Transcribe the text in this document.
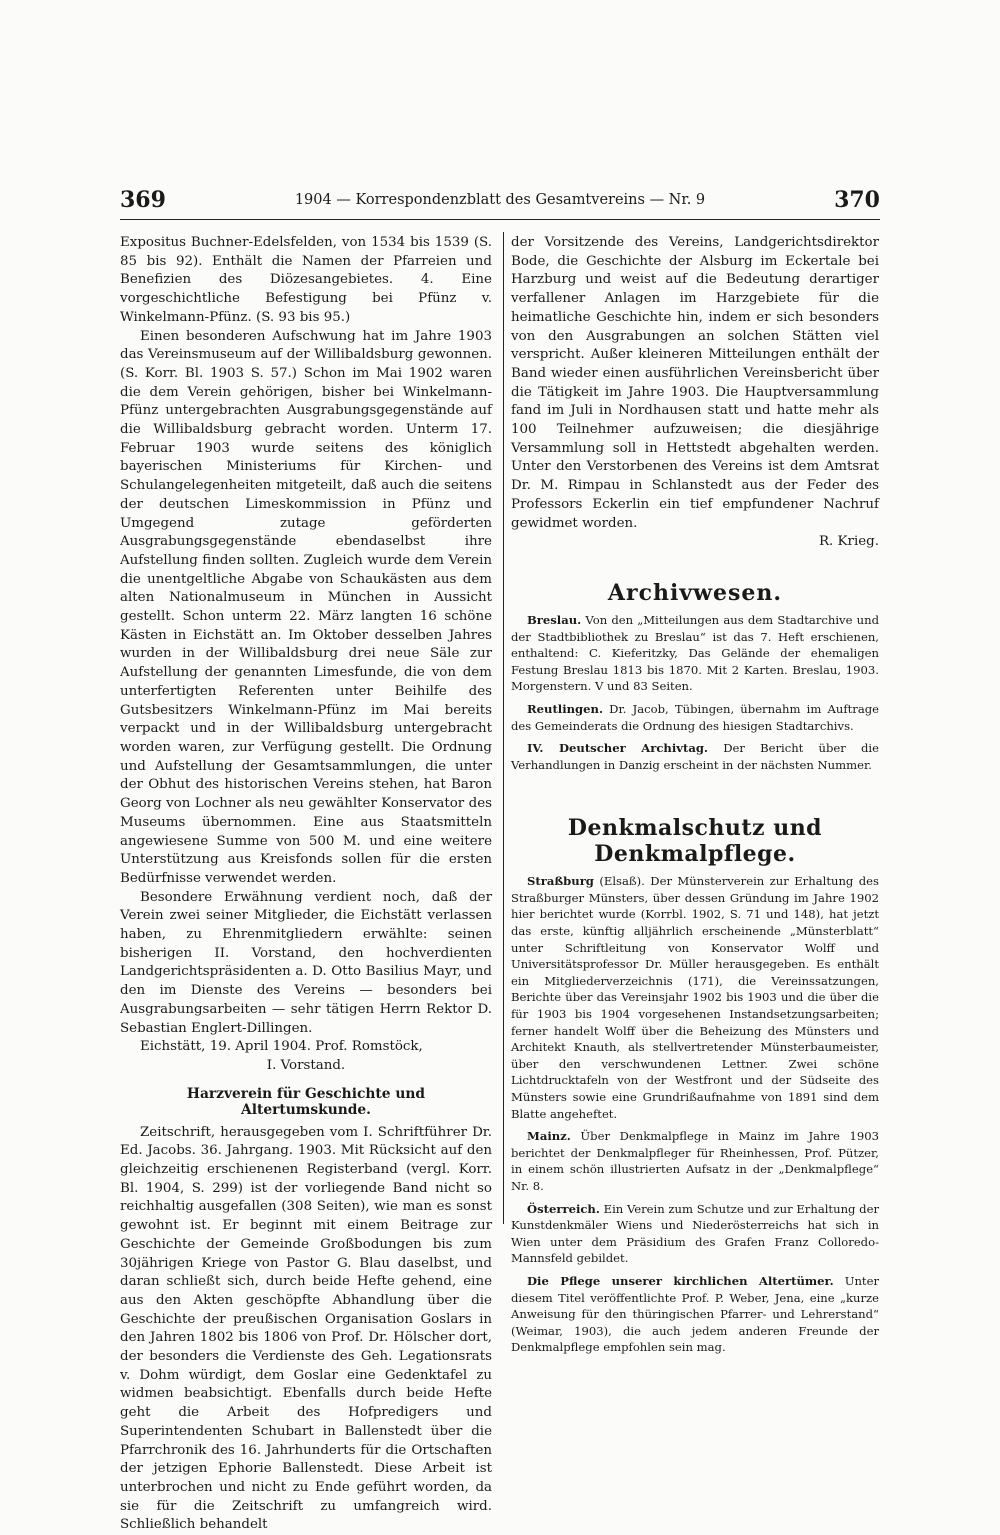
369	1904 — Korrespondenzblatt des Gesamtvereins — Nr. 9	370

Expositus Buchner-Edelsfelden, von 1534 bis 1539 (S. 85 bis 92). Enthält die Namen der Pfarreien und Benefizien des Diözesangebietes. 4. Eine vorgeschichtliche Befestigung bei Pfünz v. Winkelmann-Pfünz. (S. 93 bis 95.)

Einen besonderen Aufschwung hat im Jahre 1903 das Vereinsmuseum auf der Willibaldsburg gewonnen. (S. Korr. Bl. 1903 S. 57.) Schon im Mai 1902 waren die dem Verein gehörigen, bisher bei Winkelmann-Pfünz untergebrachten Ausgrabungsgegenstände auf die Willibaldsburg gebracht worden. Unterm 17. Februar 1903 wurde seitens des königlich bayerischen Ministeriums für Kirchen- und Schulangelegenheiten mitgeteilt, daß auch die seitens der deutschen Limeskommission in Pfünz und Umgegend zutage geförderten Ausgrabungsgegenstände ebendaselbst ihre Aufstellung finden sollten. Zugleich wurde dem Verein die unentgeltliche Abgabe von Schaukästen aus dem alten Nationalmuseum in München in Aussicht gestellt. Schon unterm 22. März langten 16 schöne Kästen in Eichstätt an. Im Oktober desselben Jahres wurden in der Willibaldsburg drei neue Säle zur Aufstellung der genannten Limesfunde, die von dem unterfertigten Referenten unter Beihilfe des Gutsbesitzers Winkelmann-Pfünz im Mai bereits verpackt und in der Willibaldsburg untergebracht worden waren, zur Verfügung gestellt. Die Ordnung und Aufstellung der Gesamtsammlungen, die unter der Obhut des historischen Vereins stehen, hat Baron Georg von Lochner als neu gewählter Konservator des Museums übernommen. Eine aus Staatsmitteln angewiesene Summe von 500 M. und eine weitere Unterstützung aus Kreisfonds sollen für die ersten Bedürfnisse verwendet werden.

Besondere Erwähnung verdient noch, daß der Verein zwei seiner Mitglieder, die Eichstätt verlassen haben, zu Ehrenmitgliedern erwählte: seinen bisherigen II. Vorstand, den hochverdienten Landgerichtspräsidenten a. D. Otto Basilius Mayr, und den im Dienste des Vereins — besonders bei Ausgrabungsarbeiten — sehr tätigen Herrn Rektor D. Sebastian Englert-Dillingen.

Eichstätt, 19. April 1904. Prof. Romstöck,

I. Vorstand.

Harzverein für Geschichte und Altertumskunde.

Zeitschrift, herausgegeben vom I. Schriftführer Dr. Ed. Jacobs. 36. Jahrgang. 1903. Mit Rücksicht auf den gleichzeitig erschienenen Registerband (vergl. Korr. Bl. 1904, S. 299) ist der vorliegende Band nicht so reichhaltig ausgefallen (308 Seiten), wie man es sonst gewohnt ist. Er beginnt mit einem Beitrage zur Geschichte der Gemeinde Großbodungen bis zum 30jährigen Kriege von Pastor G. Blau daselbst, und daran schließt sich, durch beide Hefte gehend, eine aus den Akten geschöpfte Abhandlung über die Geschichte der preußischen Organisation Goslars in den Jahren 1802 bis 1806 von Prof. Dr. Hölscher dort, der besonders die Verdienste des Geh. Legationsrats v. Dohm würdigt, dem Goslar eine Gedenktafel zu widmen beabsichtigt. Ebenfalls durch beide Hefte geht die Arbeit des Hofpredigers und Superintendenten Schubart in Ballenstedt über die Pfarrchronik des 16. Jahrhunderts für die Ortschaften der jetzigen Ephorie Ballenstedt. Diese Arbeit ist unterbrochen und nicht zu Ende geführt worden, da sie für die Zeitschrift zu umfangreich wird. Schließlich behandelt

der Vorsitzende des Vereins, Landgerichtsdirektor Bode, die Geschichte der Alsburg im Eckertale bei Harzburg und weist auf die Bedeutung derartiger verfallener Anlagen im Harzgebiete für die heimatliche Geschichte hin, indem er sich besonders von den Ausgrabungen an solchen Stätten viel verspricht. Außer kleineren Mitteilungen enthält der Band wieder einen ausführlichen Vereinsbericht über die Tätigkeit im Jahre 1903. Die Hauptversammlung fand im Juli in Nordhausen statt und hatte mehr als 100 Teilnehmer aufzuweisen; die diesjährige Versammlung soll in Hettstedt abgehalten werden. Unter den Verstorbenen des Vereins ist dem Amtsrat Dr. M. Rimpau in Schlanstedt aus der Feder des Professors Eckerlin ein tief empfundener Nachruf gewidmet worden.

R. Krieg.

Archivwesen.

Breslau. Von den „Mitteilungen aus dem Stadtarchive und der Stadtbibliothek zu Breslau“ ist das 7. Heft erschienen, enthaltend: C. Kieferitzky, Das Gelände der ehemaligen Festung Breslau 1813 bis 1870. Mit 2 Karten. Breslau, 1903. Morgenstern. V und 83 Seiten.

Reutlingen. Dr. Jacob, Tübingen, übernahm im Auftrage des Gemeinderats die Ordnung des hiesigen Stadtarchivs.

IV. Deutscher Archivtag. Der Bericht über die Verhandlungen in Danzig erscheint in der nächsten Nummer.

Denkmalschutz und Denkmalpflege.

Straßburg (Elsaß). Der Münsterverein zur Erhaltung des Straßburger Münsters, über dessen Gründung im Jahre 1902 hier berichtet wurde (Korrbl. 1902, S. 71 und 148), hat jetzt das erste, künftig alljährlich erscheinende „Münsterblatt“ unter Schriftleitung von Konservator Wolff und Universitätsprofessor Dr. Müller herausgegeben. Es enthält ein Mitgliederverzeichnis (171), die Vereinssatzungen, Berichte über das Vereinsjahr 1902 bis 1903 und die über die für 1903 bis 1904 vorgesehenen Instandsetzungsarbeiten; ferner handelt Wolff über die Beheizung des Münsters und Architekt Knauth, als stellvertretender Münsterbaumeister, über den verschwundenen Lettner. Zwei schöne Lichtdrucktafeln von der Westfront und der Südseite des Münsters sowie eine Grundrißaufnahme von 1891 sind dem Blatte angeheftet.

Mainz. Über Denkmalpflege in Mainz im Jahre 1903 berichtet der Denkmalpfleger für Rheinhessen, Prof. Pützer, in einem schön illustrierten Aufsatz in der „Denkmalpflege“ Nr. 8.

Österreich. Ein Verein zum Schutze und zur Erhaltung der Kunstdenkmäler Wiens und Niederösterreichs hat sich in Wien unter dem Präsidium des Grafen Franz Colloredo-Mannsfeld gebildet.

Die Pflege unserer kirchlichen Altertümer. Unter diesem Titel veröffentlichte Prof. P. Weber, Jena, eine „kurze Anweisung für den thüringischen Pfarrer- und Lehrerstand“ (Weimar, 1903), die auch jedem anderen Freunde der Denkmalpflege empfohlen sein mag.
